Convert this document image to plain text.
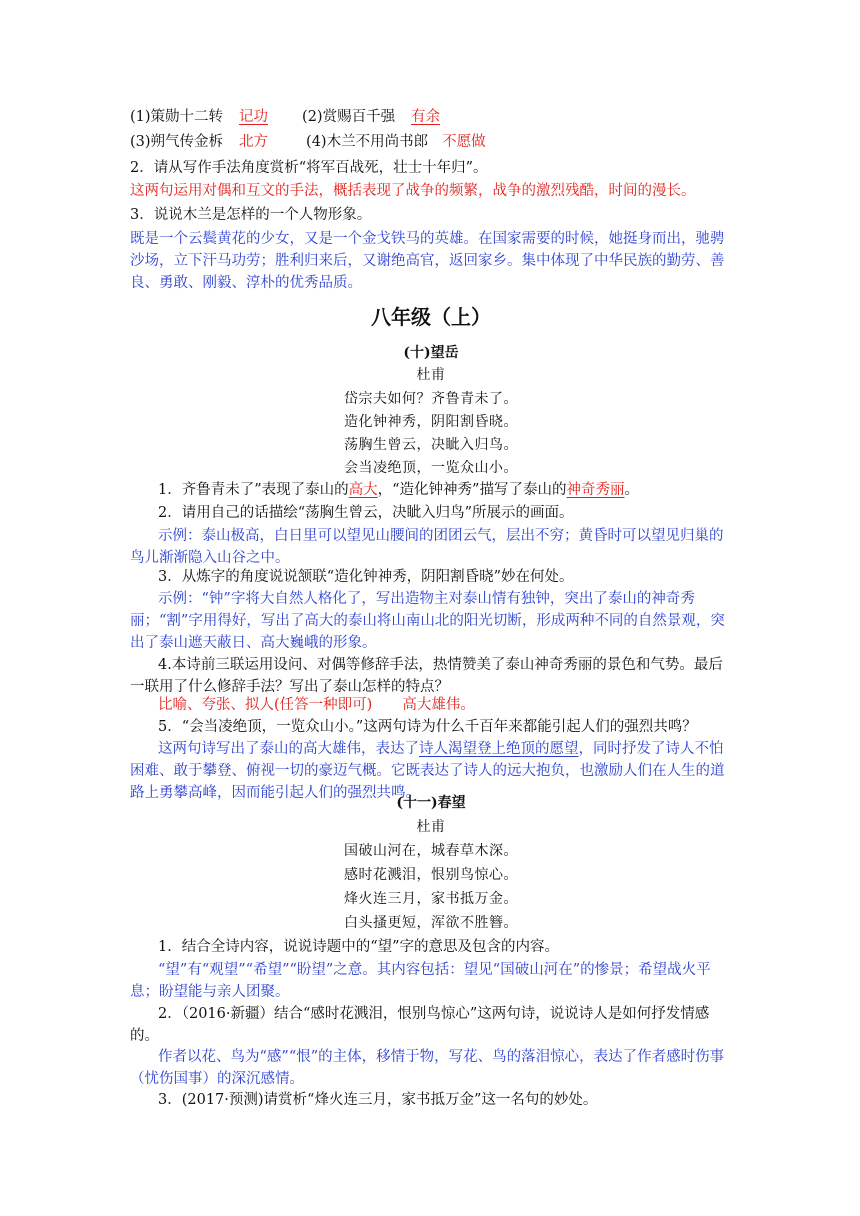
(1)策勋十二转 记功 (2)赏赐百千强 有余
(3)朔气传金柝 北方	(4)木兰不用尚书郎 不愿做
2．请从写作手法角度赏析“将军百战死，壮士十年归”。
这两句运用对偶和互文的手法，概括表现了战争的频繁，战争的激烈残酷，时间的漫长。
3．说说木兰是怎样的一个人物形象。
既是一个云鬓黄花的少女，又是一个金戈铁马的英雄。在国家需要的时候，她挺身而出，驰骋沙场，立下汗马功劳；胜利归来后，又谢绝高官，返回家乡。集中体现了中华民族的勤劳、善良、勇敢、刚毅、淳朴的优秀品质。
八年级（上）
(十)望岳
杜甫
岱宗夫如何？齐鲁青未了。
造化钟神秀，阴阳割昏晓。
荡胸生曾云，决眦入归鸟。
会当凌绝顶，一览众山小。
1．齐鲁青未了”表现了泰山的高大，“造化钟神秀”描写了泰山的神奇秀丽。
2．请用自己的话描绘“荡胸生曾云，决眦入归鸟”所展示的画面。
示例：泰山极高，白日里可以望见山腰间的团团云气，层出不穷；黄昏时可以望见归巢的鸟儿渐渐隐入山谷之中。
3．从炼字的角度说说颔联“造化钟神秀，阴阳割昏晓”妙在何处。
示例：“钟”字将大自然人格化了，写出造物主对泰山情有独钟，突出了泰山的神奇秀丽；“割”字用得好，写出了高大的泰山将山南山北的阳光切断，形成两种不同的自然景观，突出了泰山遮天蔽日、高大巍峨的形象。
4.本诗前三联运用设问、对偶等修辞手法，热情赞美了泰山神奇秀丽的景色和气势。最后一联用了什么修辞手法？写出了泰山怎样的特点？
比喻、夸张、拟人(任答一种即可) 高大雄伟。
5．“会当凌绝顶，一览众山小。”这两句诗为什么千百年来都能引起人们的强烈共鸣？
这两句诗写出了泰山的高大雄伟，表达了诗人渴望登上绝顶的愿望，同时抒发了诗人不怕困难、敢于攀登、俯视一切的豪迈气概。它既表达了诗人的远大抱负，也激励人们在人生的道路上勇攀高峰，因而能引起人们的强烈共鸣。
(十一)春望
杜甫
国破山河在，城春草木深。
感时花溅泪，恨别鸟惊心。
烽火连三月，家书抵万金。
白头搔更短，浑欲不胜簪。
1．结合全诗内容，说说诗题中的“望”字的意思及包含的内容。
“望”有“观望”“希望”“盼望”之意。其内容包括：望见“国破山河在”的惨景；希望战火平息；盼望能与亲人团聚。
2．（2016·新疆）结合“感时花溅泪，恨别鸟惊心”这两句诗，说说诗人是如何抒发情感的。
作者以花、鸟为“感”“恨”的主体，移情于物，写花、鸟的落泪惊心，表达了作者感时伤事（忧伤国事）的深沉感情。
3．(2017·预测)请赏析“烽火连三月，家书抵万金”这一名句的妙处。
